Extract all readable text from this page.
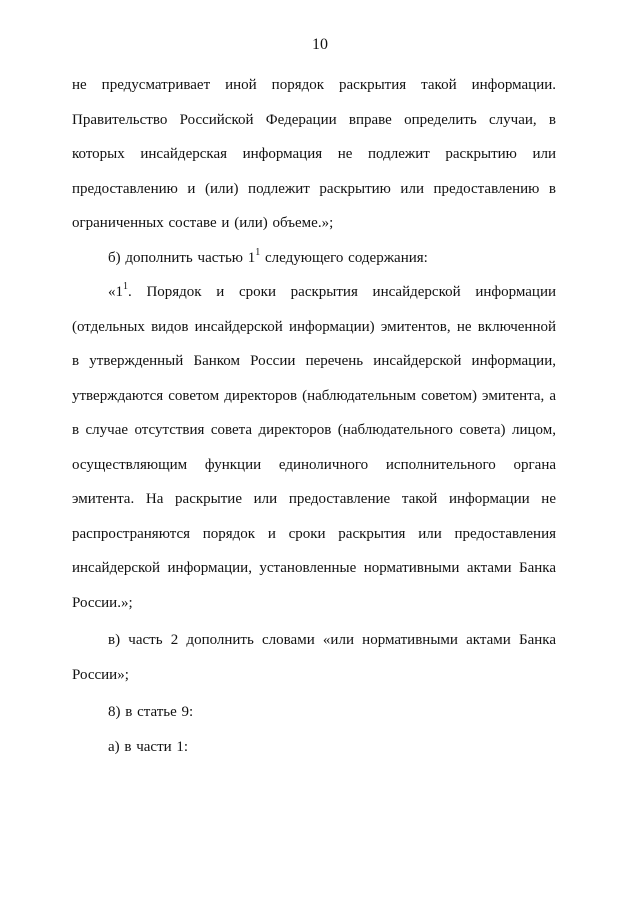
10

не предусматривает иной порядок раскрытия такой информации. Правительство Российской Федерации вправе определить случаи, в которых инсайдерская информация не подлежит раскрытию или предоставлению и (или) подлежит раскрытию или предоставлению в ограниченных составе и (или) объеме.»;

б) дополнить частью $1^1$ следующего содержания:

«$1^1$. Порядок и сроки раскрытия инсайдерской информации (отдельных видов инсайдерской информации) эмитентов, не включенной в утвержденный Банком России перечень инсайдерской информации, утверждаются советом директоров (наблюдательным советом) эмитента, а в случае отсутствия совета директоров (наблюдательного совета) лицом, осуществляющим функции единоличного исполнительного органа эмитента. На раскрытие или предоставление такой информации не распространяются порядок и сроки раскрытия или предоставления инсайдерской информации, установленные нормативными актами Банка России.»;

в) часть 2 дополнить словами «или нормативными актами Банка России»;

8) в статье 9:

а) в части 1:
